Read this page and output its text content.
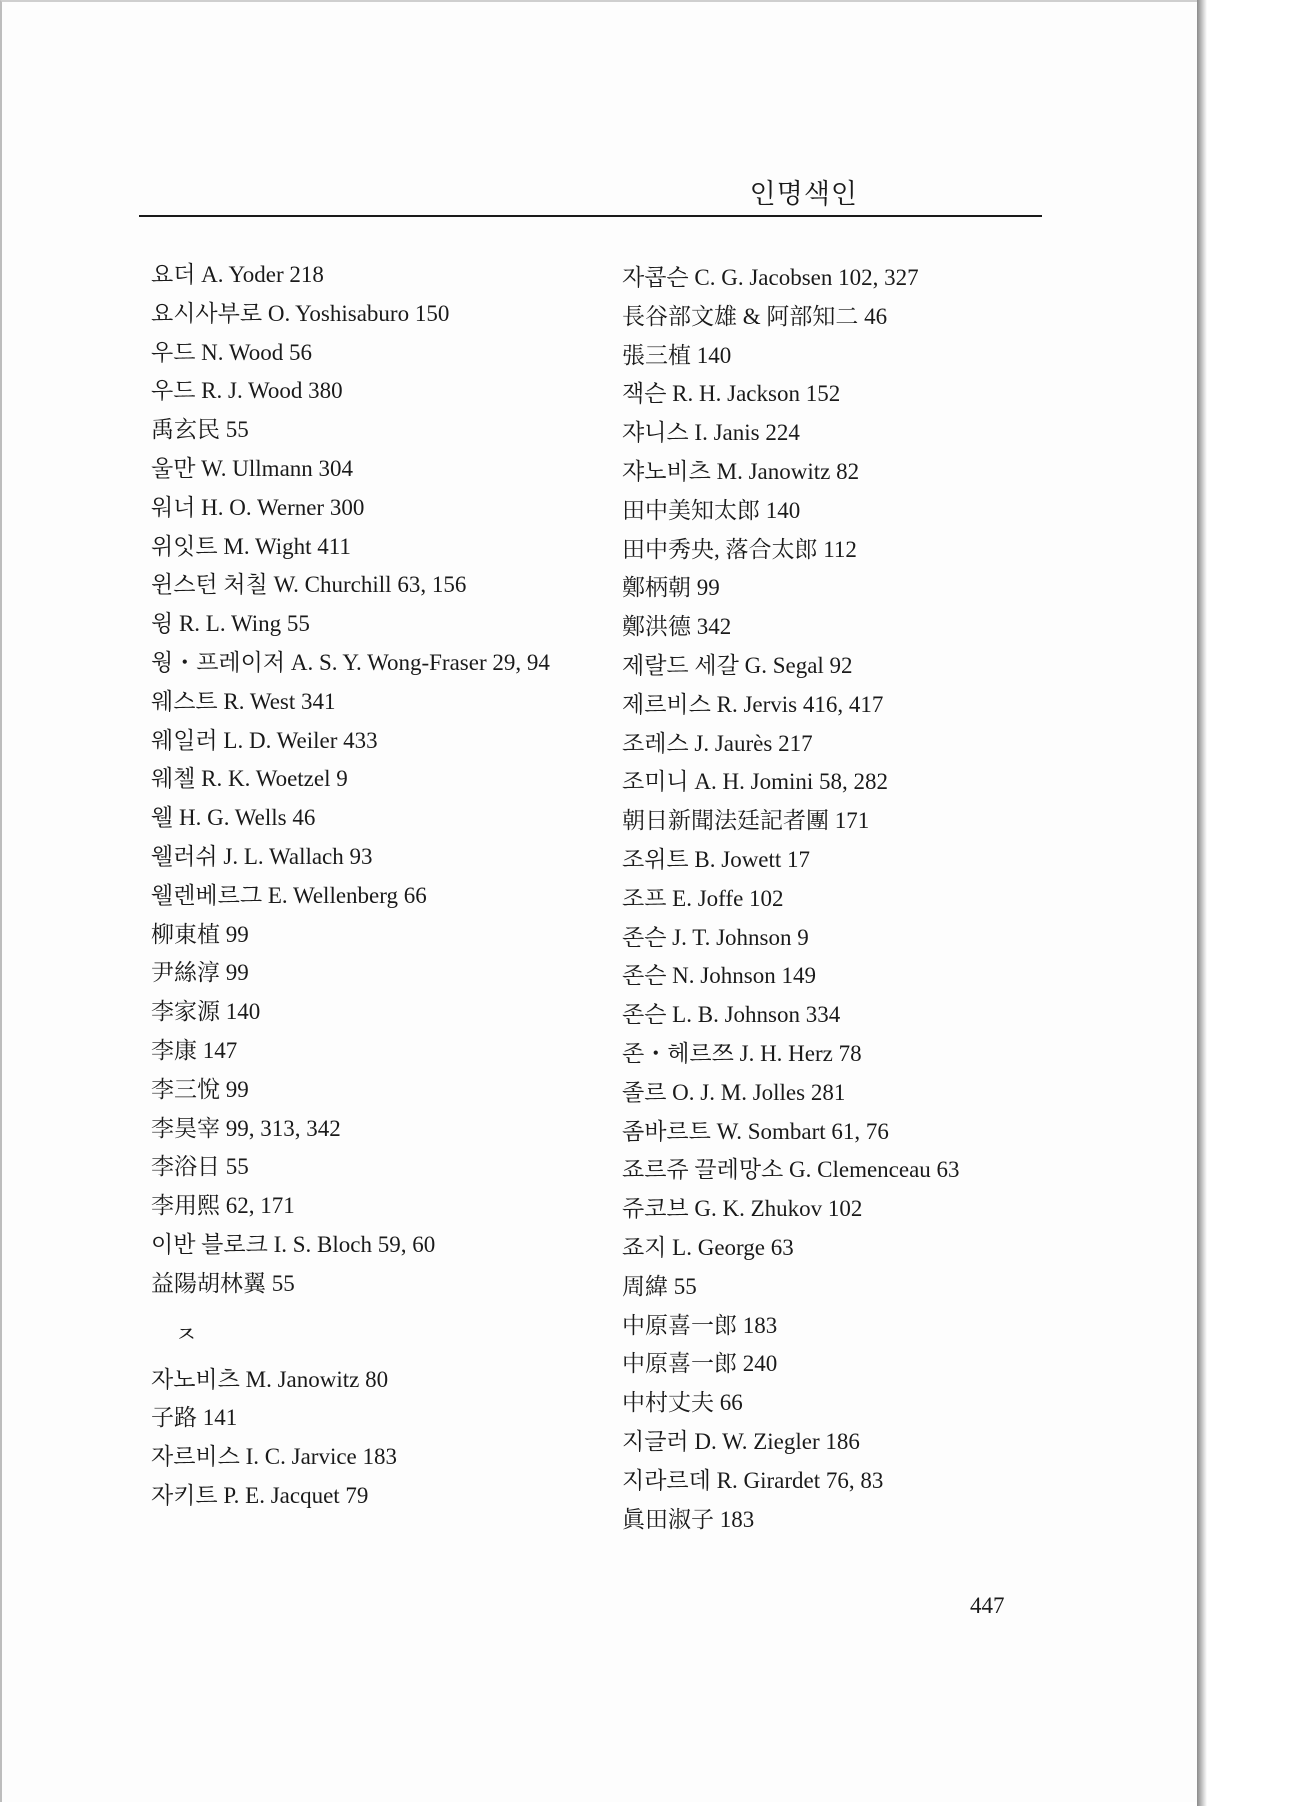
인명색인
요더 A. Yoder 218
요시사부로 O. Yoshisaburo 150
우드 N. Wood 56
우드 R. J. Wood 380
禹玄民 55
울만 W. Ullmann 304
워너 H. O. Werner 300
위잇트 M. Wight 411
윈스턴 처칠 W. Churchill 63, 156
윙 R. L. Wing 55
웡・프레이저 A. S. Y. Wong-Fraser 29, 94
웨스트 R. West 341
웨일러 L. D. Weiler 433
웨첼 R. K. Woetzel 9
웰 H. G. Wells 46
웰러쉬 J. L. Wallach 93
웰렌베르그 E. Wellenberg 66
柳東植 99
尹絲淳 99
李家源 140
李康 147
李三悅 99
李昊宰 99, 313, 342
李浴日 55
李用熙 62, 171
이반 블로크 I. S. Bloch 59, 60
益陽胡林翼 55
ㅈ
자노비츠 M. Janowitz 80
子路 141
자르비스 I. C. Jarvice 183
자키트 P. E. Jacquet 79
자콥슨 C. G. Jacobsen 102, 327
長谷部文雄 & 阿部知二 46
張三植 140
잭슨 R. H. Jackson 152
쟈니스 I. Janis 224
쟈노비츠 M. Janowitz 82
田中美知太郎 140
田中秀央, 落合太郎 112
鄭柄朝 99
鄭洪德 342
제랄드 세갈 G. Segal 92
제르비스 R. Jervis 416, 417
조레스 J. Jaurès 217
조미니 A. H. Jomini 58, 282
朝日新聞法廷記者團 171
조위트 B. Jowett 17
조프 E. Joffe 102
존슨 J. T. Johnson 9
존슨 N. Johnson 149
존슨 L. B. Johnson 334
존・헤르쯔 J. H. Herz 78
졸르 O. J. M. Jolles 281
좀바르트 W. Sombart 61, 76
죠르쥬 끌레망소 G. Clemenceau 63
쥬코브 G. K. Zhukov 102
죠지 L. George 63
周緯 55
中原喜一郎 183
中原喜一郎 240
中村丈夫 66
지글러 D. W. Ziegler 186
지라르데 R. Girardet 76, 83
眞田淑子 183
447
